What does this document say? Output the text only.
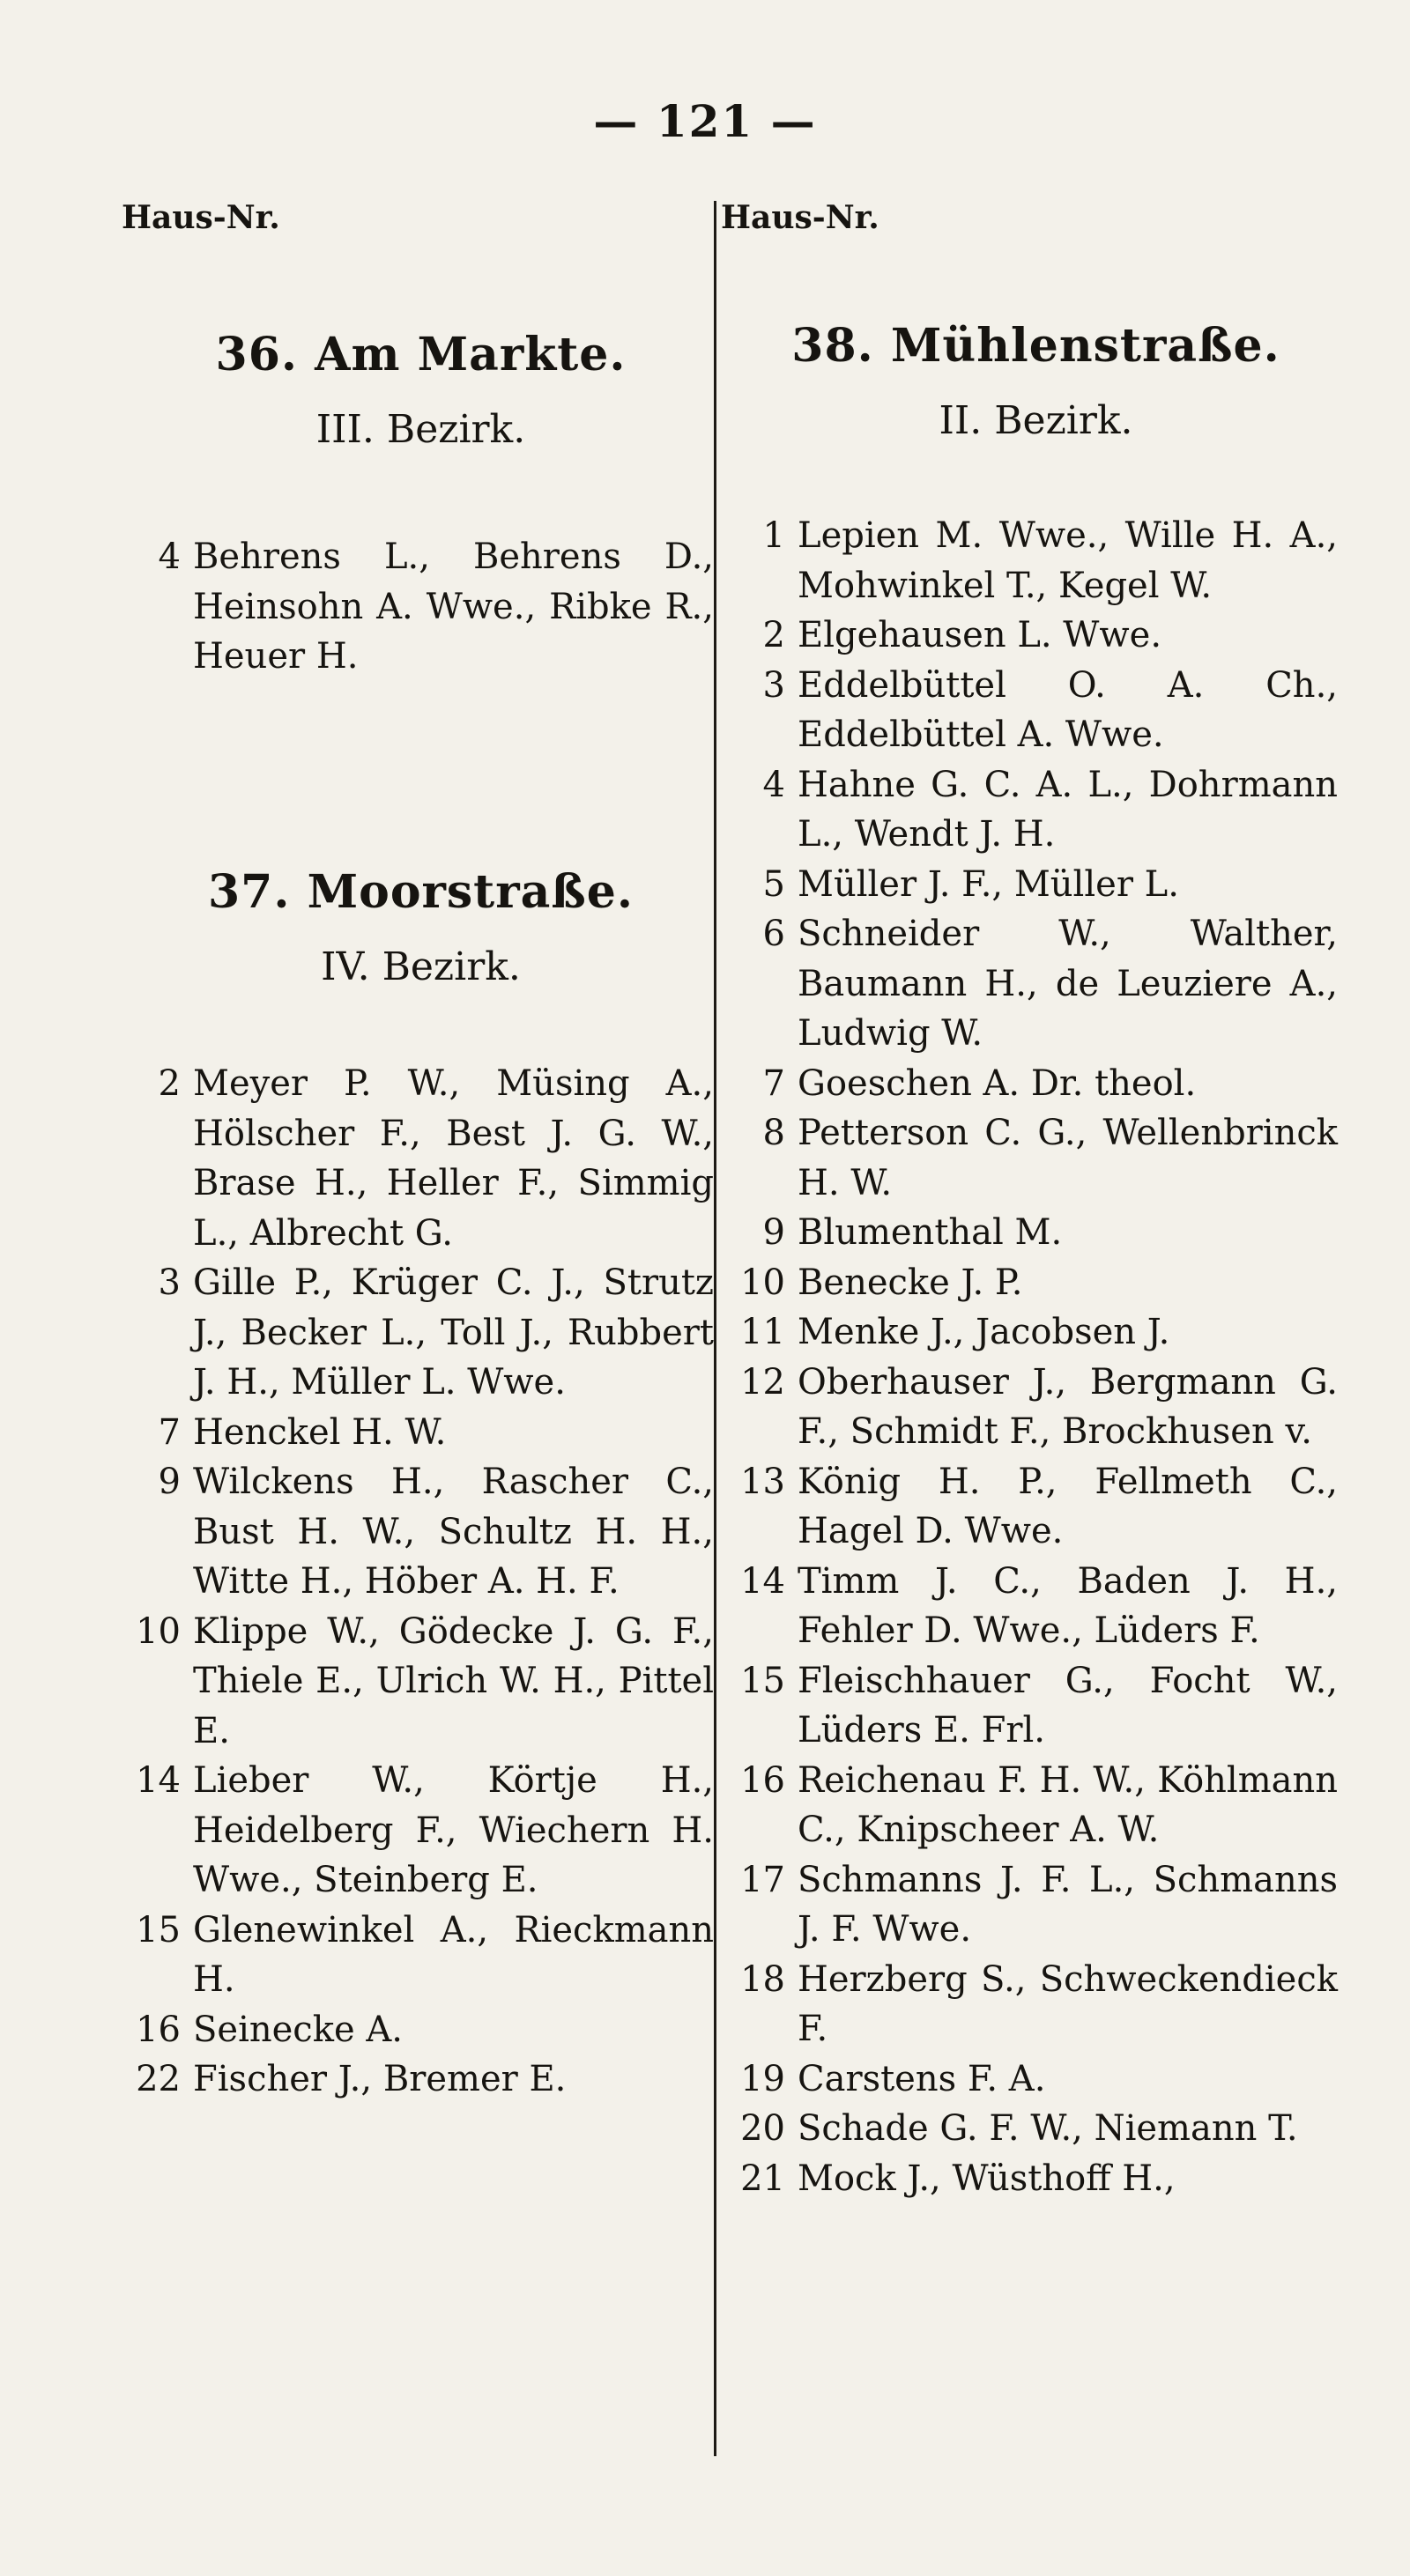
— 121 —
Haus-Nr.	Haus-Nr.
36. Am Markte.
III. Bezirk.
4 Behrens L., Behrens D., Heinsohn A. Wwe., Ribke R., Heuer H.
37. Moorstraße.
IV. Bezirk.
2 Meyer P. W., Müsing A., Hölscher F., Best J. G. W., Brase H., Heller F., Simmig L., Albrecht G.
3 Gille P., Krüger C. J., Strutz J., Becker L., Toll J., Rubbert J. H., Müller L. Wwe.
7 Henckel H. W.
9 Wilckens H., Rascher C., Bust H. W., Schultz H. H., Witte H., Höber A. H. F.
10 Klippe W., Gödecke J. G. F., Thiele E., Ulrich W. H., Pittel E.
14 Lieber W., Körtje H., Heidelberg F., Wiechern H. Wwe., Steinberg E.
15 Glenewinkel A., Rieckmann H.
16 Seinecke A.
22 Fischer J., Bremer E.
38. Mühlenstraße.
II. Bezirk.
1 Lepien M. Wwe., Wille H. A., Mohwinkel T., Kegel W.
2 Elgehausen L. Wwe.
3 Eddelbüttel O. A. Ch., Eddelbüttel A. Wwe.
4 Hahne G. C. A. L., Dohrmann L., Wendt J. H.
5 Müller J. F., Müller L.
6 Schneider W., Walther, Baumann H., de Leuziere A., Ludwig W.
7 Goeschen A. Dr. theol.
8 Petterson C. G., Wellenbrinck H. W.
9 Blumenthal M.
10 Benecke J. P.
11 Menke J., Jacobsen J.
12 Oberhauser J., Bergmann G. F., Schmidt F., Brockhusen v.
13 König H. P., Fellmeth C., Hagel D. Wwe.
14 Timm J. C., Baden J. H., Fehler D. Wwe., Lüders F.
15 Fleischhauer G., Focht W., Lüders E. Frl.
16 Reichenau F. H. W., Köhlmann C., Knipscheer A. W.
17 Schmanns J. F. L., Schmanns J. F. Wwe.
18 Herzberg S., Schweckendieck F.
19 Carstens F. A.
20 Schade G. F. W., Niemann T.
21 Mock J., Wüsthoff H.,
